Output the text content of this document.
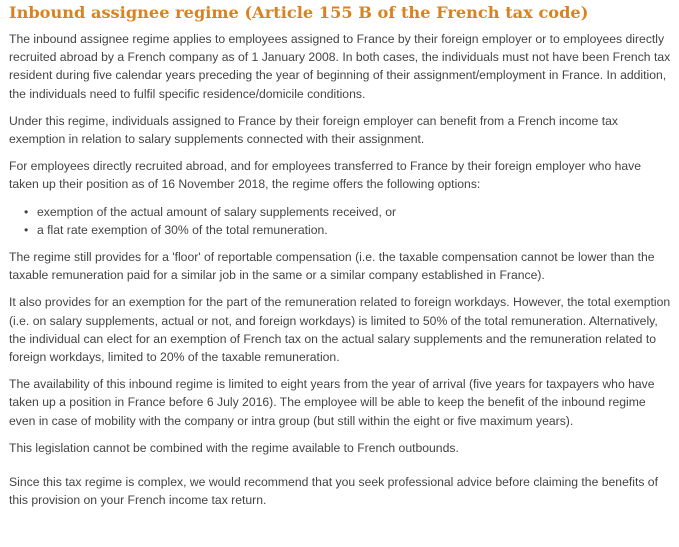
Inbound assignee regime (Article 155 B of the French tax code)

The inbound assignee regime applies to employees assigned to France by their foreign employer or to employees directly recruited abroad by a French company as of 1 January 2008. In both cases, the individuals must not have been French tax resident during five calendar years preceding the year of beginning of their assignment/employment in France. In addition, the individuals need to fulfil specific residence/domicile conditions.

Under this regime, individuals assigned to France by their foreign employer can benefit from a French income tax exemption in relation to salary supplements connected with their assignment.

For employees directly recruited abroad, and for employees transferred to France by their foreign employer who have taken up their position as of 16 November 2018, the regime offers the following options:

• exemption of the actual amount of salary supplements received, or
• a flat rate exemption of 30% of the total remuneration.

The regime still provides for a 'floor' of reportable compensation (i.e. the taxable compensation cannot be lower than the taxable remuneration paid for a similar job in the same or a similar company established in France).

It also provides for an exemption for the part of the remuneration related to foreign workdays. However, the total exemption (i.e. on salary supplements, actual or not, and foreign workdays) is limited to 50% of the total remuneration. Alternatively, the individual can elect for an exemption of French tax on the actual salary supplements and the remuneration related to foreign workdays, limited to 20% of the taxable remuneration.

The availability of this inbound regime is limited to eight years from the year of arrival (five years for taxpayers who have taken up a position in France before 6 July 2016). The employee will be able to keep the benefit of the inbound regime even in case of mobility with the company or intra group (but still within the eight or five maximum years).

This legislation cannot be combined with the regime available to French outbounds.

Since this tax regime is complex, we would recommend that you seek professional advice before claiming the benefits of this provision on your French income tax return.
